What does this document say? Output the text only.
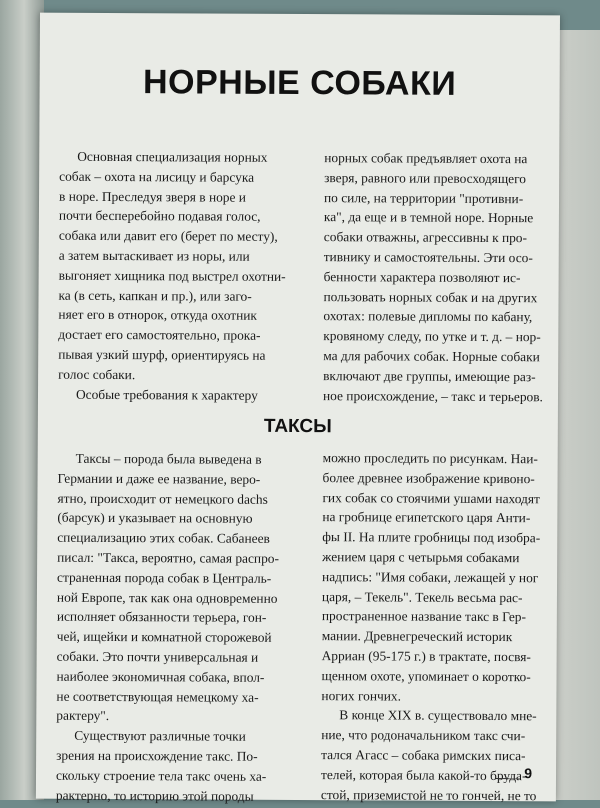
НОРНЫЕ СОБАКИ

Основная специализация норных

собак – охота на лисицу и барсука

в норе. Преследуя зверя в норе и

почти бесперебойно подавая голос,

собака или давит его (берет по месту),

а затем вытаскивает из норы, или

выгоняет хищника под выстрел охотни-

ка (в сеть, капкан и пр.), или заго-

няет его в отнорок, откуда охотник

достает его самостоятельно, прока-

пывая узкий шурф, ориентируясь на

голос собаки.

Особые требования к характеру

норных собак предъявляет охота на

зверя, равного или превосходящего

по силе, на территории "противни-

ка", да еще и в темной норе. Норные

собаки отважны, агрессивны к про-

тивнику и самостоятельны. Эти осо-

бенности характера позволяют ис-

пользовать норных собак и на других

охотах: полевые дипломы по кабану,

кровяному следу, по утке и т. д. – нор-

ма для рабочих собак. Норные собаки

включают две группы, имеющие раз-

ное происхождение, – такс и терьеров.

ТАКСЫ

Таксы – порода была выведена в

Германии и даже ее название, веро-

ятно, происходит от немецкого dachs

(барсук) и указывает на основную

специализацию этих собак. Сабанеев

писал: "Такса, вероятно, самая распро-

страненная порода собак в Централь-

ной Европе, так как она одновременно

исполняет обязанности терьера, гон-

чей, ищейки и комнатной сторожевой

собаки. Это почти универсальная и

наиболее экономичная собака, впол-

не соответствующая немецкому ха-

рактеру".

Существуют различные точки

зрения на происхождение такс. По-

скольку строение тела такс очень ха-

рактерно, то историю этой породы

можно проследить по рисункам. Наи-

более древнее изображение кривоно-

гих собак со стоячими ушами находят

на гробнице египетского царя Анти-

фы II. На плите гробницы под изобра-

жением царя с четырьмя собаками

надпись: "Имя собаки, лежащей у ног

царя, – Текель". Текель весьма рас-

пространенное название такс в Гер-

мании. Древнегреческий историк

Арриан (95-175 г.) в трактате, посвя-

щенном охоте, упоминает о коротко-

ногих гончих.

В конце XIX в. существовало мне-

ние, что родоначальником такс счи-

тался Агасс – собака римских писа-

телей, которая была какой-то бруда-

стой, приземистой не то гончей, не то

9
